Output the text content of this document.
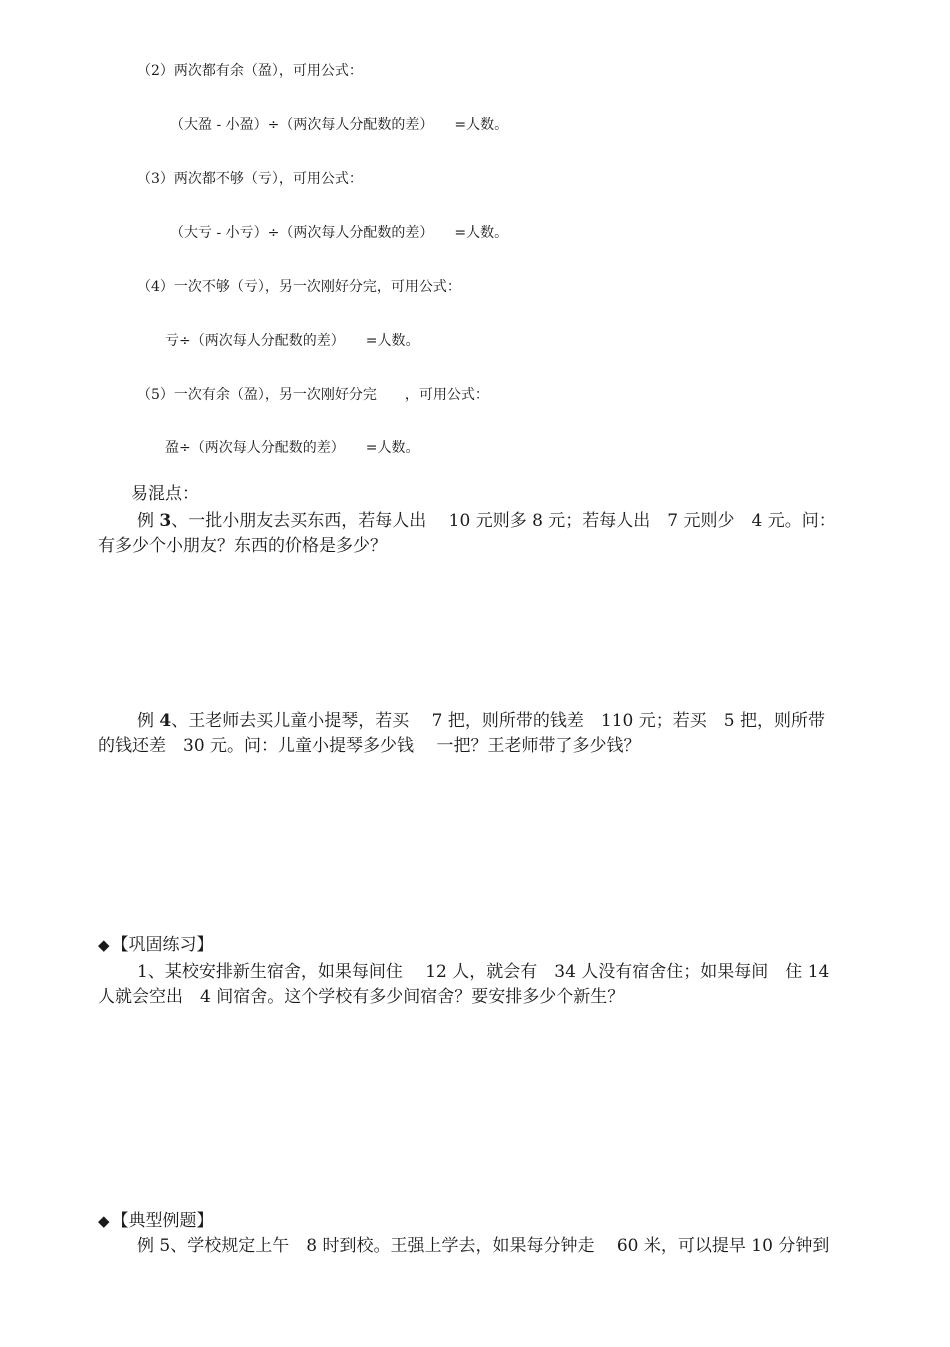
（2）两次都有余（盈），可用公式：
（大盈 - 小盈）÷（两次每人分配数的差）　　=人数。
（3）两次都不够（亏），可用公式：
（大亏 - 小亏）÷（两次每人分配数的差）　　=人数。
（4）一次不够（亏），另一次刚好分完，可用公式：
亏÷（两次每人分配数的差）　　=人数。
（5）一次有余（盈），另一次刚好分完　　，可用公式：
盈÷（两次每人分配数的差）　　=人数。
易混点：
例 3、一批小朋友去买东西，若每人出　 10 元则多 8 元；若每人出　7 元则少　4 元。问：
有多少个小朋友？东西的价格是多少？
例 4、王老师去买儿童小提琴，若买　 7 把，则所带的钱差　110 元；若买　5 把，则所带
的钱还差　30 元。问：儿童小提琴多少钱　 一把？王老师带了多少钱？
◆ 【巩固练习】
1、某校安排新生宿舍，如果每间住　 12 人，就会有　34 人没有宿舍住；如果每间　住 14
人就会空出　4 间宿舍。这个学校有多少间宿舍？要安排多少个新生？
◆ 【典型例题】
例 5、学校规定上午　8 时到校。王强上学去，如果每分钟走　 60 米，可以提早 10 分钟到
